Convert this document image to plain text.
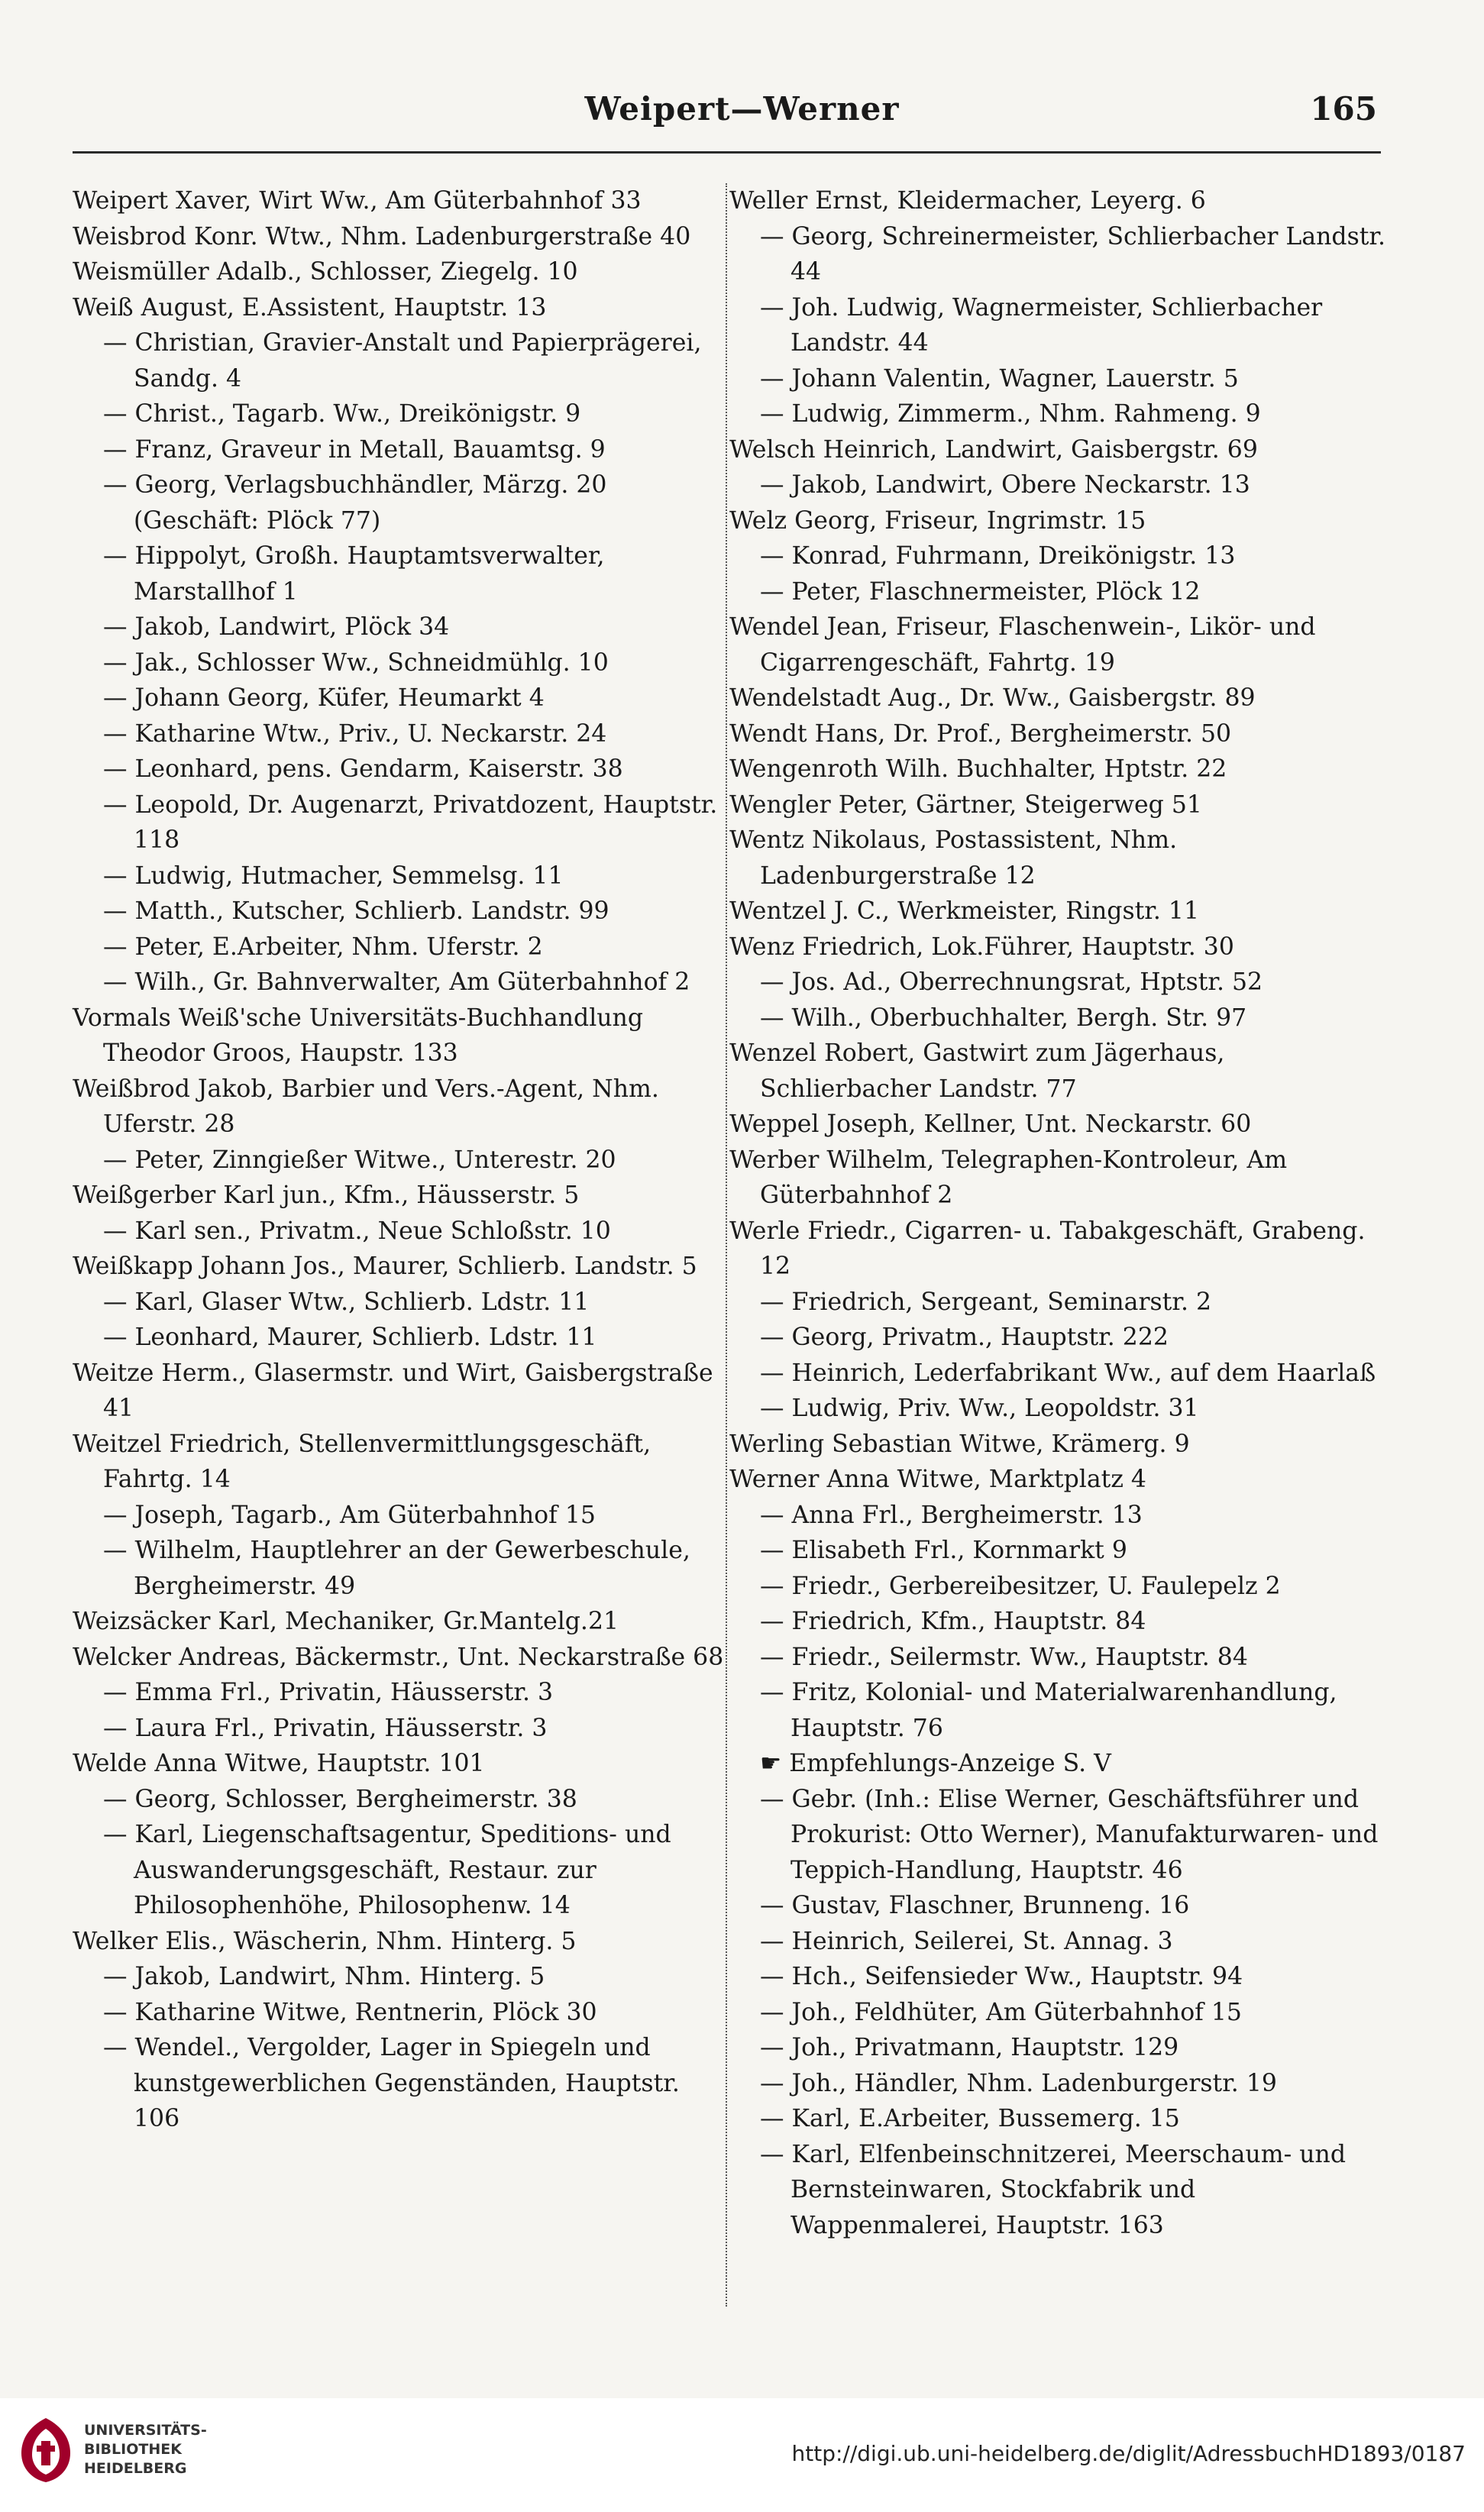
Weipert—Werner	165
Weipert Xaver, Wirt Ww., Am Güterbahnhof 33
Weisbrod Konr. Wtw., Nhm. Ladenburgerstraße 40
Weismüller Adalb., Schlosser, Ziegelg. 10
Weiß August, E.Assistent, Hauptstr. 13
— Christian, Gravier-Anstalt und Papierprägerei, Sandg. 4
— Christ., Tagarb. Ww., Dreikönigstr. 9
— Franz, Graveur in Metall, Bauamtsg. 9
— Georg, Verlagsbuchhändler, Märzg. 20 (Geschäft: Plöck 77)
— Hippolyt, Großh. Hauptamtsverwalter, Marstallhof 1
— Jakob, Landwirt, Plöck 34
— Jak., Schlosser Ww., Schneidmühlg. 10
— Johann Georg, Küfer, Heumarkt 4
— Katharine Wtw., Priv., U. Neckarstr. 24
— Leonhard, pens. Gendarm, Kaiserstr. 38
— Leopold, Dr. Augenarzt, Privatdozent, Hauptstr. 118
— Ludwig, Hutmacher, Semmelsg. 11
— Matth., Kutscher, Schlierb. Landstr. 99
— Peter, E.Arbeiter, Nhm. Uferstr. 2
— Wilh., Gr. Bahnverwalter, Am Güterbahnhof 2
Vormals Weiß'sche Universitäts-Buchhandlung Theodor Groos, Haupstr. 133
Weißbrod Jakob, Barbier und Vers.-Agent, Nhm. Uferstr. 28
— Peter, Zinngießer Witwe., Unterestr. 20
Weißgerber Karl jun., Kfm., Häusserstr. 5
— Karl sen., Privatm., Neue Schloßstr. 10
Weißkapp Johann Jos., Maurer, Schlierb. Landstr. 5
— Karl, Glaser Wtw., Schlierb. Ldstr. 11
— Leonhard, Maurer, Schlierb. Ldstr. 11
Weitze Herm., Glasermstr. und Wirt, Gaisbergstraße 41
Weitzel Friedrich, Stellenvermittlungsgeschäft, Fahrtg. 14
— Joseph, Tagarb., Am Güterbahnhof 15
— Wilhelm, Hauptlehrer an der Gewerbeschule, Bergheimerstr. 49
Weizsäcker Karl, Mechaniker, Gr.Mantelg.21
Welcker Andreas, Bäckermstr., Unt. Neckarstraße 68
— Emma Frl., Privatin, Häusserstr. 3
— Laura Frl., Privatin, Häusserstr. 3
Welde Anna Witwe, Hauptstr. 101
— Georg, Schlosser, Bergheimerstr. 38
— Karl, Liegenschaftsagentur, Speditions- und Auswanderungsgeschäft, Restaur. zur Philosophenhöhe, Philosophenw. 14
Welker Elis., Wäscherin, Nhm. Hinterg. 5
— Jakob, Landwirt, Nhm. Hinterg. 5
— Katharine Witwe, Rentnerin, Plöck 30
— Wendel., Vergolder, Lager in Spiegeln und kunstgewerblichen Gegenständen, Hauptstr. 106
Weller Ernst, Kleidermacher, Leyerg. 6
— Georg, Schreinermeister, Schlierbacher Landstr. 44
— Joh. Ludwig, Wagnermeister, Schlierbacher Landstr. 44
— Johann Valentin, Wagner, Lauerstr. 5
— Ludwig, Zimmerm., Nhm. Rahmeng. 9
Welsch Heinrich, Landwirt, Gaisbergstr. 69
— Jakob, Landwirt, Obere Neckarstr. 13
Welz Georg, Friseur, Ingrimstr. 15
— Konrad, Fuhrmann, Dreikönigstr. 13
— Peter, Flaschnermeister, Plöck 12
Wendel Jean, Friseur, Flaschenwein-, Likör- und Cigarrengeschäft, Fahrtg. 19
Wendelstadt Aug., Dr. Ww., Gaisbergstr. 89
Wendt Hans, Dr. Prof., Bergheimerstr. 50
Wengenroth Wilh. Buchhalter, Hptstr. 22
Wengler Peter, Gärtner, Steigerweg 51
Wentz Nikolaus, Postassistent, Nhm. Ladenburgerstraße 12
Wentzel J. C., Werkmeister, Ringstr. 11
Wenz Friedrich, Lok.Führer, Hauptstr. 30
— Jos. Ad., Oberrechnungsrat, Hptstr. 52
— Wilh., Oberbuchhalter, Bergh. Str. 97
Wenzel Robert, Gastwirt zum Jägerhaus, Schlierbacher Landstr. 77
Weppel Joseph, Kellner, Unt. Neckarstr. 60
Werber Wilhelm, Telegraphen-Kontroleur, Am Güterbahnhof 2
Werle Friedr., Cigarren- u. Tabakgeschäft, Grabeng. 12
— Friedrich, Sergeant, Seminarstr. 2
— Georg, Privatm., Hauptstr. 222
— Heinrich, Lederfabrikant Ww., auf dem Haarlaß
— Ludwig, Priv. Ww., Leopoldstr. 31
Werling Sebastian Witwe, Krämerg. 9
Werner Anna Witwe, Marktplatz 4
— Anna Frl., Bergheimerstr. 13
— Elisabeth Frl., Kornmarkt 9
— Friedr., Gerbereibesitzer, U. Faulepelz 2
— Friedrich, Kfm., Hauptstr. 84
— Friedr., Seilermstr. Ww., Hauptstr. 84
— Fritz, Kolonial- und Materialwarenhandlung, Hauptstr. 76
☛ Empfehlungs-Anzeige S. V
— Gebr. (Inh.: Elise Werner, Geschäftsführer und Prokurist: Otto Werner), Manufakturwaren- und Teppich-Handlung, Hauptstr. 46
— Gustav, Flaschner, Brunneng. 16
— Heinrich, Seilerei, St. Annag. 3
— Hch., Seifensieder Ww., Hauptstr. 94
— Joh., Feldhüter, Am Güterbahnhof 15
— Joh., Privatmann, Hauptstr. 129
— Joh., Händler, Nhm. Ladenburgerstr. 19
— Karl, E.Arbeiter, Bussemerg. 15
— Karl, Elfenbeinschnitzerei, Meerschaum- und Bernsteinwaren, Stockfabrik und Wappenmalerei, Hauptstr. 163
UNIVERSITÄTS-
BIBLIOTHEK
HEIDELBERG
http://digi.ub.uni-heidelberg.de/diglit/AdressbuchHD1893/0187
